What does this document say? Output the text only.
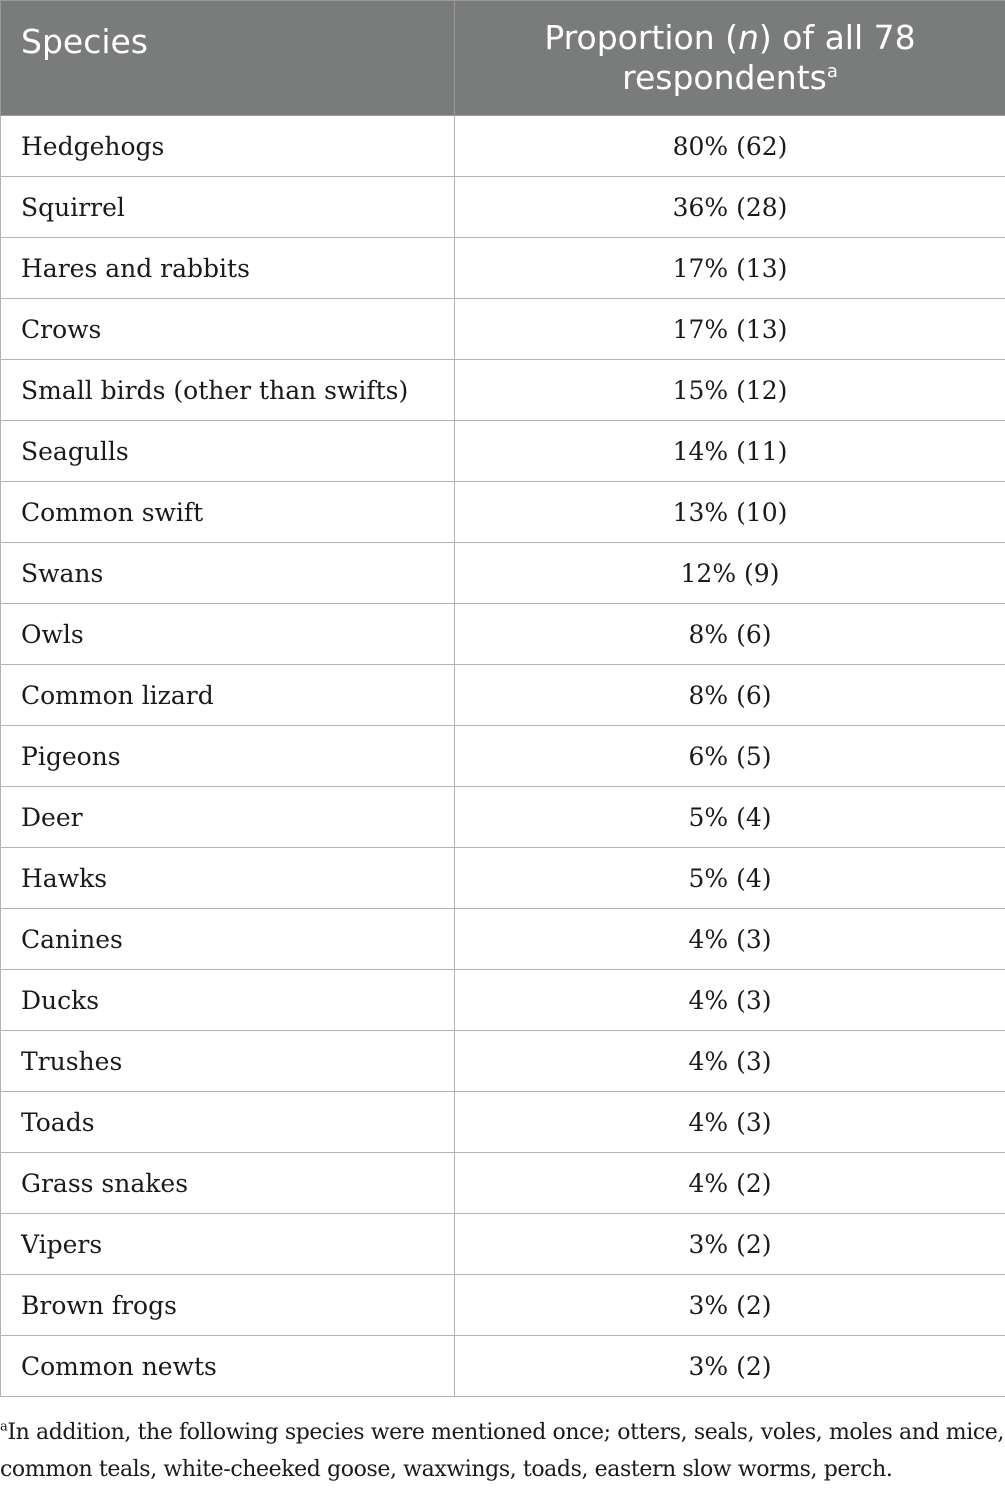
Species	Proportion (n) of all 78
respondents$^a$

Hedgehogs	80% (62)
Squirrel	36% (28)
Hares and rabbits	17% (13)
Crows	17% (13)
Small birds (other than swifts)	15% (12)
Seagulls	14% (11)
Common swift	13% (10)
Swans	12% (9)
Owls	8% (6)
Common lizard	8% (6)
Pigeons	6% (5)
Deer	5% (4)
Hawks	5% (4)
Canines	4% (3)
Ducks	4% (3)
Trushes	4% (3)
Toads	4% (3)
Grass snakes	4% (2)
Vipers	3% (2)
Brown frogs	3% (2)
Common newts	3% (2)
$^a$In addition, the following species were mentioned once; otters, seals, voles, moles and mice,
common teals, white-cheeked goose, waxwings, toads, eastern slow worms, perch.
